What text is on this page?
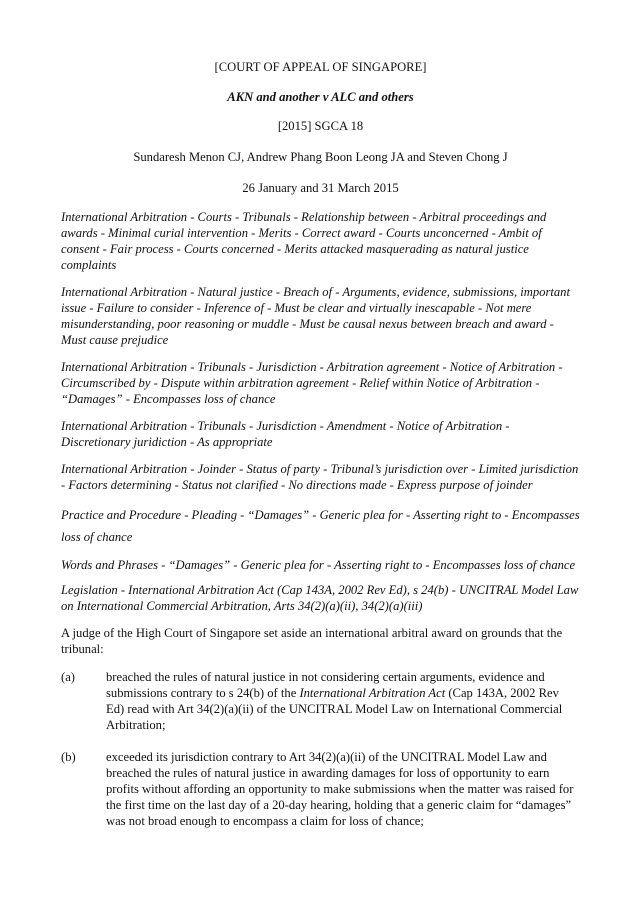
[COURT OF APPEAL OF SINGAPORE]

AKN and another v ALC and others

[2015] SGCA 18

Sundaresh Menon CJ, Andrew Phang Boon Leong JA and Steven Chong J

26 January and 31 March 2015

International Arbitration - Courts - Tribunals - Relationship between - Arbitral proceedings and awards - Minimal curial intervention - Merits - Correct award - Courts unconcerned - Ambit of consent - Fair process - Courts concerned - Merits attacked masquerading as natural justice complaints

International Arbitration - Natural justice - Breach of - Arguments, evidence, submissions, important issue - Failure to consider - Inference of - Must be clear and virtually inescapable - Not mere misunderstanding, poor reasoning or muddle - Must be causal nexus between breach and award - Must cause prejudice

International Arbitration - Tribunals - Jurisdiction - Arbitration agreement - Notice of Arbitration - Circumscribed by - Dispute within arbitration agreement - Relief within Notice of Arbitration - “Damages” - Encompasses loss of chance

International Arbitration - Tribunals - Jurisdiction - Amendment - Notice of Arbitration - Discretionary juridiction - As appropriate

International Arbitration - Joinder - Status of party - Tribunal’s jurisdiction over - Limited jurisdiction - Factors determining - Status not clarified - No directions made - Express purpose of joinder

Practice and Procedure - Pleading - “Damages” - Generic plea for - Asserting right to - Encompasses loss of chance

Words and Phrases - “Damages” - Generic plea for - Asserting right to - Encompasses loss of chance

Legislation - International Arbitration Act (Cap 143A, 2002 Rev Ed), s 24(b) - UNCITRAL Model Law on International Commercial Arbitration, Arts 34(2)(a)(ii), 34(2)(a)(iii)

A judge of the High Court of Singapore set aside an international arbitral award on grounds that the tribunal:

(a)	breached the rules of natural justice in not considering certain arguments, evidence and submissions contrary to s 24(b) of the International Arbitration Act (Cap 143A, 2002 Rev Ed) read with Art 34(2)(a)(ii) of the UNCITRAL Model Law on International Commercial Arbitration;
(b)	exceeded its jurisdiction contrary to Art 34(2)(a)(ii) of the UNCITRAL Model Law and breached the rules of natural justice in awarding damages for loss of opportunity to earn profits without affording an opportunity to make submissions when the matter was raised for the first time on the last day of a 20-day hearing, holding that a generic claim for “damages” was not broad enough to encompass a claim for loss of chance;
